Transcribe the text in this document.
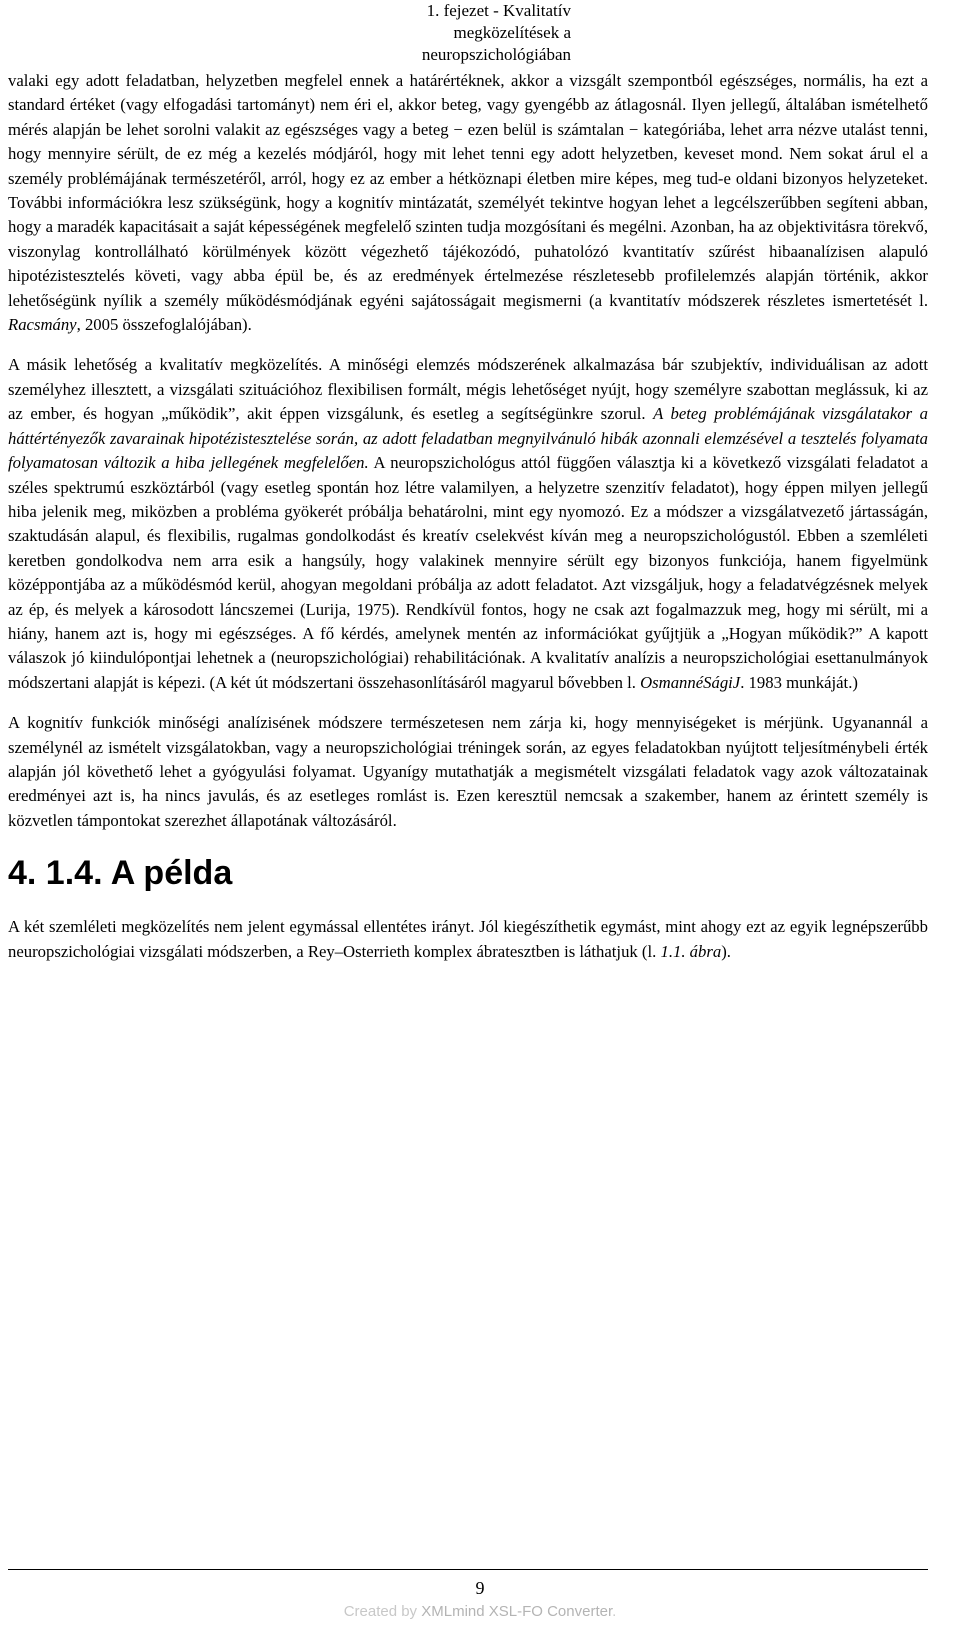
1. fejezet - Kvalitatív
megközelítések a
neuropszichológiában

valaki egy adott feladatban, helyzetben megfelel ennek a határértéknek, akkor a vizsgált szempontból egészséges, normális, ha ezt a standard értéket (vagy elfogadási tartományt) nem éri el, akkor beteg, vagy gyengébb az átlagosnál. Ilyen jellegű, általában ismételhető mérés alapján be lehet sorolni valakit az egészséges vagy a beteg − ezen belül is számtalan − kategóriába, lehet arra nézve utalást tenni, hogy mennyire sérült, de ez még a kezelés módjáról, hogy mit lehet tenni egy adott helyzetben, keveset mond. Nem sokat árul el a személy problémájának természetéről, arról, hogy ez az ember a hétköznapi életben mire képes, meg tud-e oldani bizonyos helyzeteket. További információkra lesz szükségünk, hogy a kognitív mintázatát, személyét tekintve hogyan lehet a legcélszerűbben segíteni abban, hogy a maradék kapacitásait a saját képességének megfelelő szinten tudja mozgósítani és megélni. Azonban, ha az objektivitásra törekvő, viszonylag kontrollálható körülmények között végezhető tájékozódó, puhatolózó kvantitatív szűrést hibaanalízisen alapuló hipotézistesztelés követi, vagy abba épül be, és az eredmények értelmezése részletesebb profilelemzés alapján történik, akkor lehetőségünk nyílik a személy működésmódjának egyéni sajátosságait megismerni (a kvantitatív módszerek részletes ismertetését l. Racsmány, 2005 összefoglalójában).

A másik lehetőség a kvalitatív megközelítés. A minőségi elemzés módszerének alkalmazása bár szubjektív, individuálisan az adott személyhez illesztett, a vizsgálati szituációhoz flexibilisen formált, mégis lehetőséget nyújt, hogy személyre szabottan meglássuk, ki az az ember, és hogyan „működik”, akit éppen vizsgálunk, és esetleg a segítségünkre szorul. A beteg problémájának vizsgálatakor a háttértényezők zavarainak hipotézistesztelése során, az adott feladatban megnyilvánuló hibák azonnali elemzésével a tesztelés folyamata folyamatosan változik a hiba jellegének megfelelően. A neuropszichológus attól függően választja ki a következő vizsgálati feladatot a széles spektrumú eszköztárból (vagy esetleg spontán hoz létre valamilyen, a helyzetre szenzitív feladatot), hogy éppen milyen jellegű hiba jelenik meg, miközben a probléma gyökerét próbálja behatárolni, mint egy nyomozó. Ez a módszer a vizsgálatvezető jártasságán, szaktudásán alapul, és flexibilis, rugalmas gondolkodást és kreatív cselekvést kíván meg a neuropszichológustól. Ebben a szemléleti keretben gondolkodva nem arra esik a hangsúly, hogy valakinek mennyire sérült egy bizonyos funkciója, hanem figyelmünk középpontjába az a működésmód kerül, ahogyan megoldani próbálja az adott feladatot. Azt vizsgáljuk, hogy a feladatvégzésnek melyek az ép, és melyek a károsodott láncszemei (Lurija, 1975). Rendkívül fontos, hogy ne csak azt fogalmazzuk meg, hogy mi sérült, mi a hiány, hanem azt is, hogy mi egészséges. A fő kérdés, amelynek mentén az információkat gyűjtjük a „Hogyan működik?” A kapott válaszok jó kiindulópontjai lehetnek a (neuropszichológiai) rehabilitációnak. A kvalitatív analízis a neuropszichológiai esettanulmányok módszertani alapját is képezi. (A két út módszertani összehasonlításáról magyarul bővebben l. OsmannéSágiJ. 1983 munkáját.)

A kognitív funkciók minőségi analízisének módszere természetesen nem zárja ki, hogy mennyiségeket is mérjünk. Ugyanannál a személynél az ismételt vizsgálatokban, vagy a neuropszichológiai tréningek során, az egyes feladatokban nyújtott teljesítménybeli érték alapján jól követhető lehet a gyógyulási folyamat. Ugyanígy mutathatják a megismételt vizsgálati feladatok vagy azok változatainak eredményei azt is, ha nincs javulás, és az esetleges romlást is. Ezen keresztül nemcsak a szakember, hanem az érintett személy is közvetlen támpontokat szerezhet állapotának változásáról.

4. 1.4. A példa

A két szemléleti megközelítés nem jelent egymással ellentétes irányt. Jól kiegészíthetik egymást, mint ahogy ezt az egyik legnépszerűbb neuropszichológiai vizsgálati módszerben, a Rey–Osterrieth komplex ábratesztben is láthatjuk (l. 1.1. ábra).

9
Created by XMLmind XSL-FO Converter.
